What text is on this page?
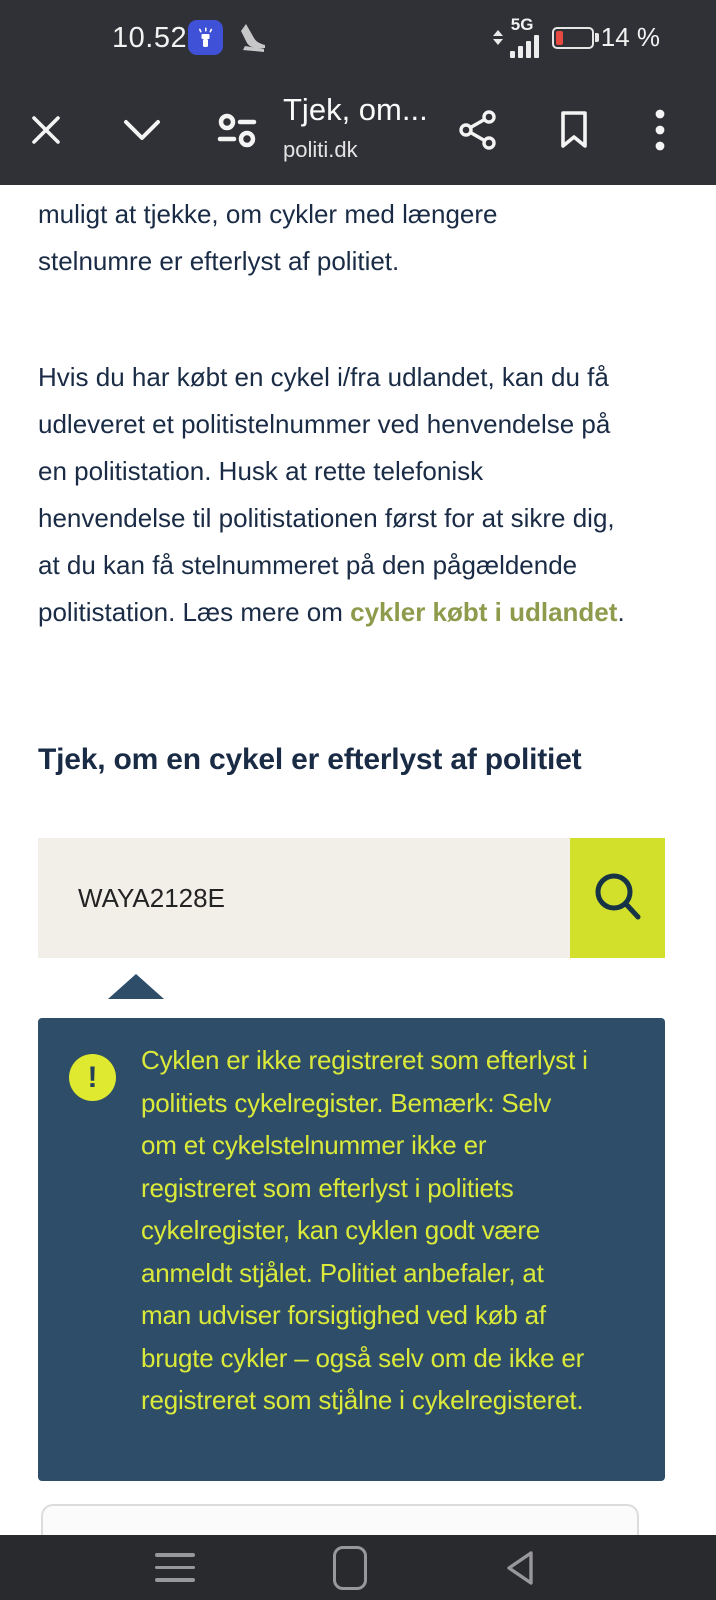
10.52	5G	14 %
Tjek, om...
politi.dk
muligt at tjekke, om cykler med længere
stelnumre er efterlyst af politiet.
Hvis du har købt en cykel i/fra udlandet, kan du få
udleveret et politistelnummer ved henvendelse på
en politistation. Husk at rette telefonisk
henvendelse til politistationen først for at sikre dig,
at du kan få stelnummeret på den pågældende
politistation. Læs mere om cykler købt i udlandet.
Tjek, om en cykel er efterlyst af politiet
WAYA2128E
!
Cyklen er ikke registreret som efterlyst i
politiets cykelregister. Bemærk: Selv
om et cykelstelnummer ikke er
registreret som efterlyst i politiets
cykelregister, kan cyklen godt være
anmeldt stjålet. Politiet anbefaler, at
man udviser forsigtighed ved køb af
brugte cykler – også selv om de ikke er
registreret som stjålne i cykelregisteret.
